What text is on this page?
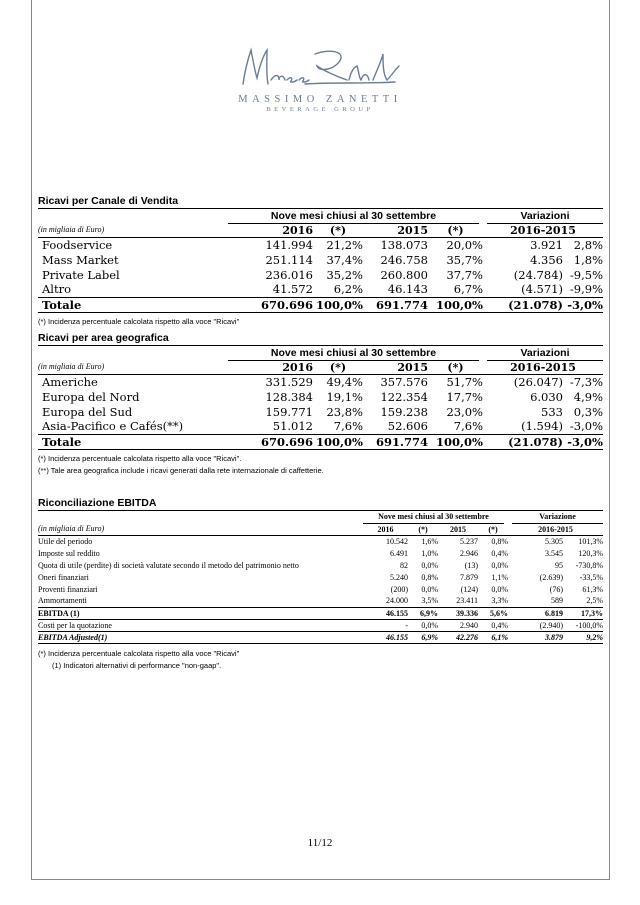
MASSIMO ZANETTI
BEVERAGE GROUP
Ricavi per Canale di Vendita
	Nove mesi chiusi al 30 settembre				Variazioni	
(in migliaia di Euro)	2016	(*)	2015	(*)	2016-2015	
Foodservice	141.994	21,2%	138.073	20,0%	3.921	2,8%
Mass Market	251.114	37,4%	246.758	35,7%	4.356	1,8%
Private Label	236.016	35,2%	260.800	37,7%	(24.784)	-9,5%
Altro	41.572	6,2%	46.143	6,7%	(4.571)	-9,9%
Totale	670.696	100,0%	691.774	100,0%	(21.078)	-3,0%
(*) Incidenza percentuale calcolata rispetto alla voce "Ricavi"
Ricavi per area geografica
	Nove mesi chiusi al 30 settembre				Variazioni	
(in migliaia di Euro)	2016	(*)	2015	(*)	2016-2015	
Americhe	331.529	49,4%	357.576	51,7%	(26.047)	-7,3%
Europa del Nord	128.384	19,1%	122.354	17,7%	6.030	4,9%
Europa del Sud	159.771	23,8%	159.238	23,0%	533	0,3%
Asia-Pacifico e Cafés(**)	51.012	7,6%	52.606	7,6%	(1.594)	-3,0%
Totale	670.696	100,0%	691.774	100,0%	(21.078)	-3,0%
(*) Incidenza percentuale calcolata rispetto alla voce "Ricavi".
(**) Tale area geografica include i ricavi generati dalla rete internazionale di caffetterie.
Riconciliazione EBITDA
	Nove mesi chiusi al 30 settembre				Variazione	
(in migliaia di Euro)	2016	(*)	2015	(*)	2016-2015	
Utile del periodo	10.542	1,6%	5.237	0,8%	5.305	101,3%
Imposte sul reddito	6.491	1,0%	2.946	0,4%	3.545	120,3%
Quota di utile (perdite) di società valutate secondo il metodo del patrimonio netto	82	0,0%	(13)	0,0%	95	-730,8%
Oneri finanziari	5.240	0,8%	7.879	1,1%	(2.639)	-33,5%
Proventi finanziari	(200)	0,0%	(124)	0,0%	(76)	61,3%
Ammortamenti	24.000	3,5%	23.411	3,3%	589	2,5%
EBITDA (1)	46.155	6,9%	39.336	5,6%	6.819	17,3%
Costi per la quotazione	-	0,0%	2.940	0,4%	(2.940)	-100,0%
EBITDA Adjusted(1)	46.155	6,9%	42.276	6,1%	3.879	9,2%
(*) Incidenza percentuale calcolata rispetto alla voce "Ricavi"
(1) Indicatori alternativi di performance "non-gaap".
11/12
